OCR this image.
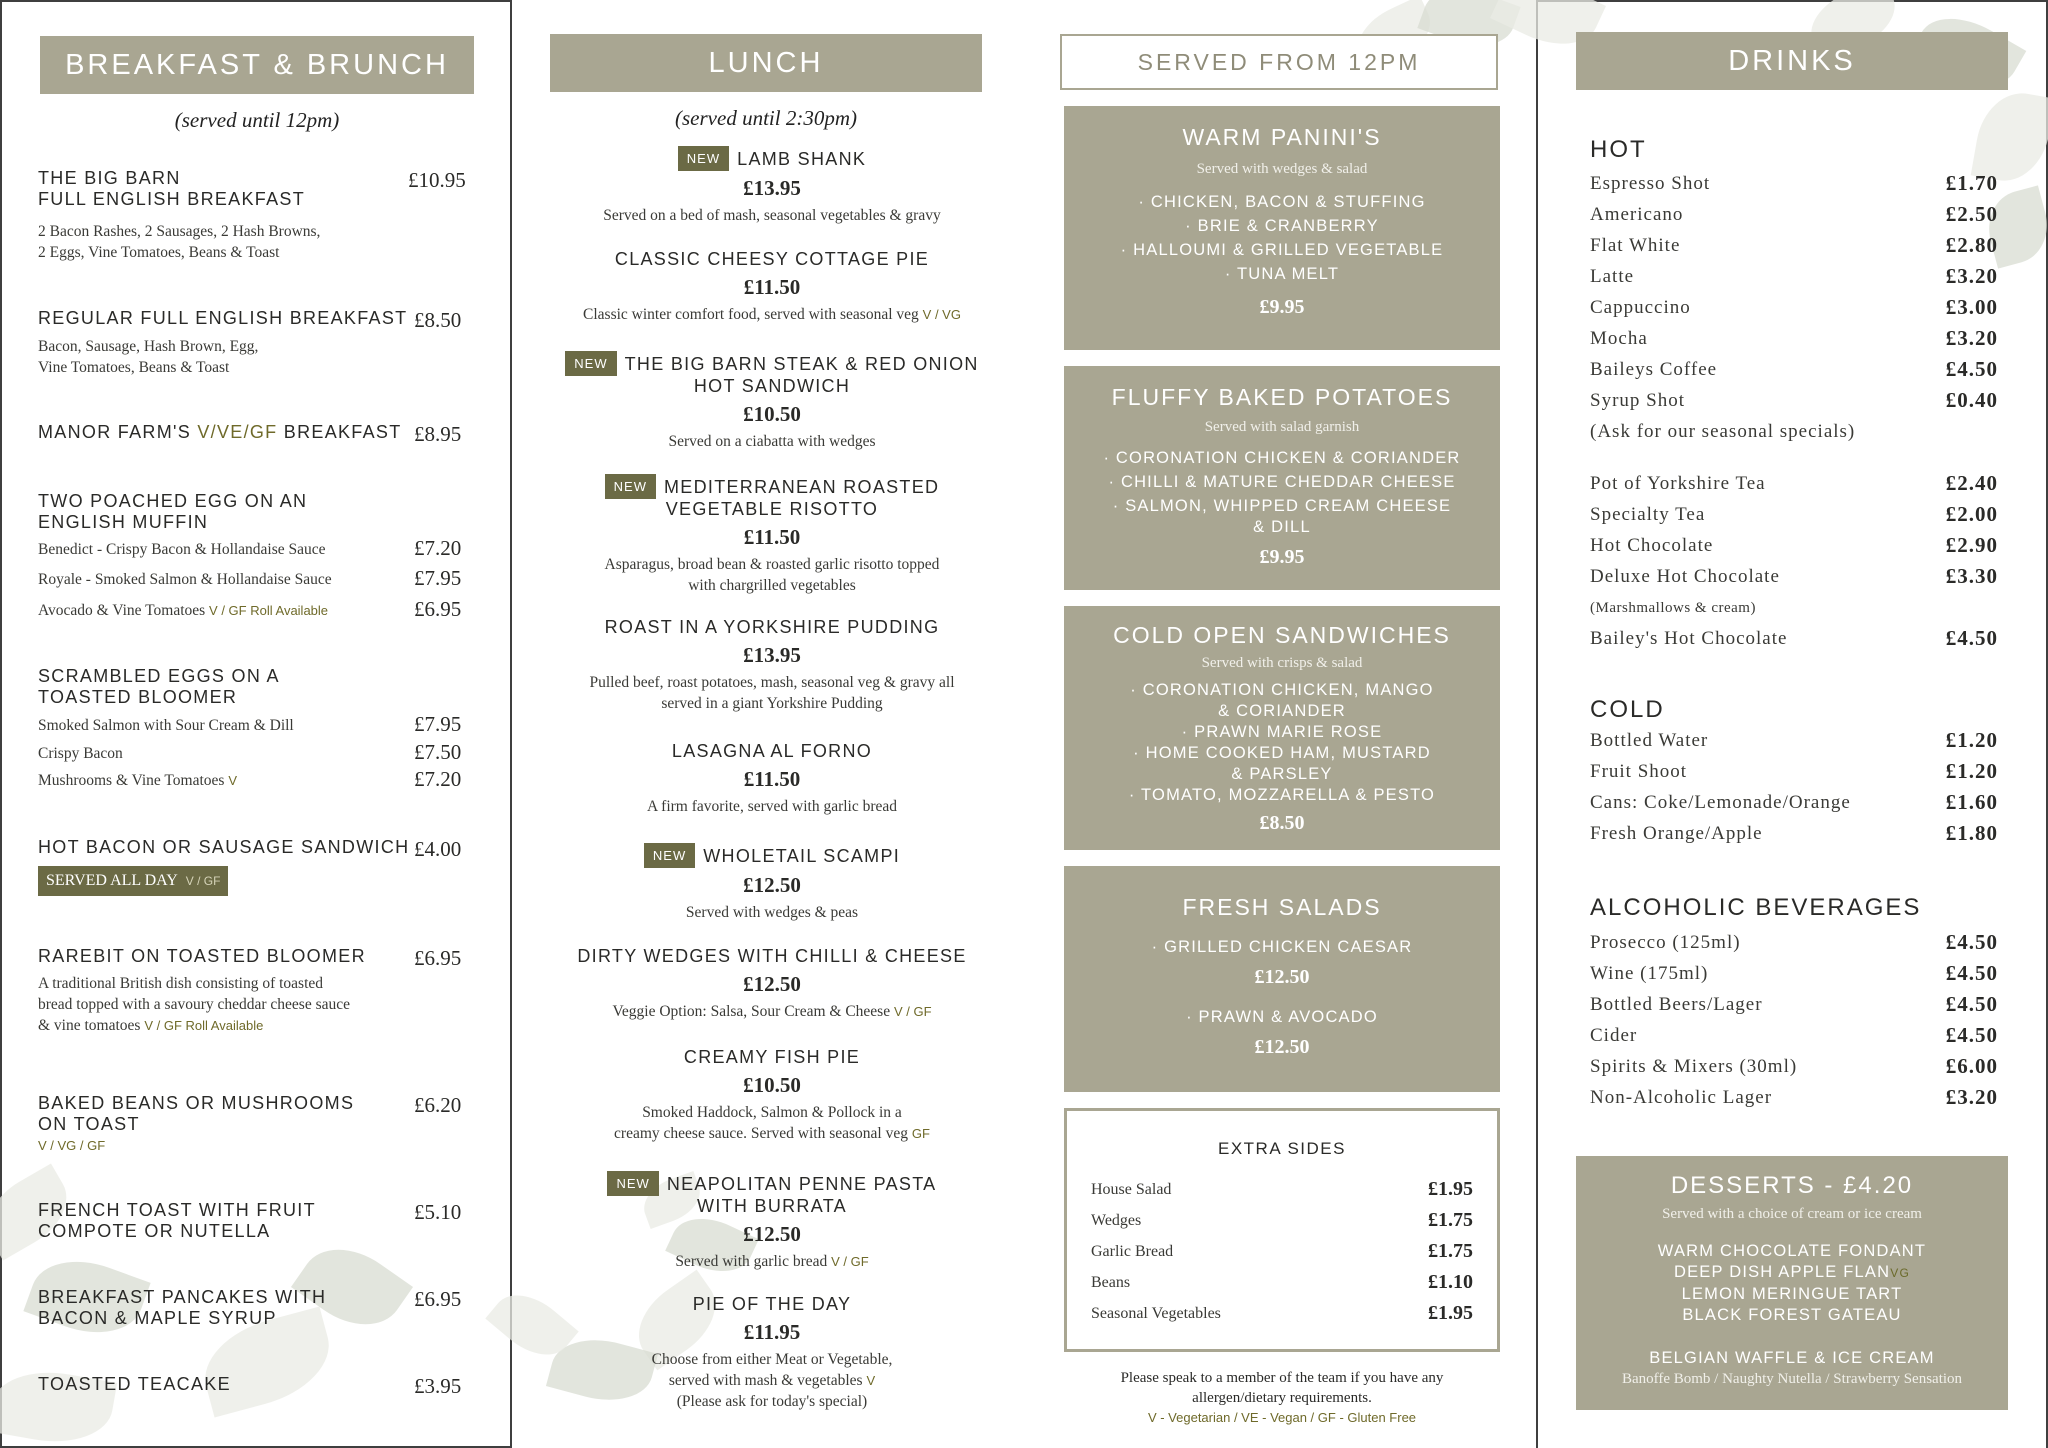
BREAKFAST & BRUNCH
(served until 12pm)
THE BIG BARN
FULL ENGLISH BREAKFAST
£10.95
2 Bacon Rashes, 2 Sausages, 2 Hash Browns,
2 Eggs, Vine Tomatoes, Beans & Toast
REGULAR FULL ENGLISH BREAKFAST £8.50
Bacon, Sausage, Hash Brown, Egg,
Vine Tomatoes, Beans & Toast
MANOR FARM'S V/VE/GF BREAKFAST £8.95
TWO POACHED EGG ON AN
ENGLISH MUFFIN
Benedict - Crispy Bacon & Hollandaise Sauce	£7.20
Royale - Smoked Salmon & Hollandaise Sauce	£7.95
Avocado & Vine Tomatoes V / GF Roll Available	£6.95
SCRAMBLED EGGS ON A
TOASTED BLOOMER
Smoked Salmon with Sour Cream & Dill	£7.95
Crispy Bacon	£7.50
Mushrooms & Vine Tomatoes V	£7.20
HOT BACON OR SAUSAGE SANDWICH £4.00
SERVED ALL DAY V / GF
RAREBIT ON TOASTED BLOOMER £6.95
A traditional British dish consisting of toasted
bread topped with a savoury cheddar cheese sauce
& vine tomatoes V / GF Roll Available
BAKED BEANS OR MUSHROOMS
ON TOAST
£6.20
V / VG / GF
FRENCH TOAST WITH FRUIT
COMPOTE OR NUTELLA
£5.10
BREAKFAST PANCAKES WITH
BACON & MAPLE SYRUP
£6.95
TOASTED TEACAKE	£3.95
LUNCH
(served until 2:30pm)
NEW LAMB SHANK
£13.95
Served on a bed of mash, seasonal vegetables & gravy
CLASSIC CHEESY COTTAGE PIE
£11.50
Classic winter comfort food, served with seasonal veg V / VG
NEW THE BIG BARN STEAK & RED ONION
HOT SANDWICH
£10.50
Served on a ciabatta with wedges
NEW MEDITERRANEAN ROASTED
VEGETABLE RISOTTO
£11.50
Asparagus, broad bean & roasted garlic risotto topped
with chargrilled vegetables
ROAST IN A YORKSHIRE PUDDING
£13.95
Pulled beef, roast potatoes, mash, seasonal veg & gravy all
served in a giant Yorkshire Pudding
LASAGNA AL FORNO
£11.50
A firm favorite, served with garlic bread
NEW WHOLETAIL SCAMPI
£12.50
Served with wedges & peas
DIRTY WEDGES WITH CHILLI & CHEESE
£12.50
Veggie Option: Salsa, Sour Cream & Cheese V / GF
CREAMY FISH PIE
£10.50
Smoked Haddock, Salmon & Pollock in a
creamy cheese sauce. Served with seasonal veg GF
NEW NEAPOLITAN PENNE PASTA
WITH BURRATA
£12.50
Served with garlic bread V / GF
PIE OF THE DAY
£11.95
Choose from either Meat or Vegetable,
served with mash & vegetables V
(Please ask for today's special)
SERVED FROM 12PM
WARM PANINI'S
Served with wedges & salad
· CHICKEN, BACON & STUFFING
· BRIE & CRANBERRY
· HALLOUMI & GRILLED VEGETABLE
· TUNA MELT
£9.95
FLUFFY BAKED POTATOES
Served with salad garnish
· CORONATION CHICKEN & CORIANDER
· CHILLI & MATURE CHEDDAR CHEESE
· SALMON, WHIPPED CREAM CHEESE
& DILL
£9.95
COLD OPEN SANDWICHES
Served with crisps & salad
· CORONATION CHICKEN, MANGO
& CORIANDER
· PRAWN MARIE ROSE
· HOME COOKED HAM, MUSTARD
& PARSLEY
· TOMATO, MOZZARELLA & PESTO
£8.50
FRESH SALADS
· GRILLED CHICKEN CAESAR
£12.50
· PRAWN & AVOCADO
£12.50
EXTRA SIDES
House Salad	£1.95
Wedges	£1.75
Garlic Bread	£1.75
Beans	£1.10
Seasonal Vegetables	£1.95
Please speak to a member of the team if you have any
allergen/dietary requirements.
V - Vegetarian / VE - Vegan / GF - Gluten Free
DRINKS
HOT
Espresso Shot	£1.70
Americano	£2.50
Flat White	£2.80
Latte	£3.20
Cappuccino	£3.00
Mocha	£3.20
Baileys Coffee	£4.50
Syrup Shot	£0.40
(Ask for our seasonal specials)
Pot of Yorkshire Tea	£2.40
Specialty Tea	£2.00
Hot Chocolate	£2.90
Deluxe Hot Chocolate	£3.30
(Marshmallows & cream)
Bailey's Hot Chocolate	£4.50
COLD
Bottled Water	£1.20
Fruit Shoot	£1.20
Cans: Coke/Lemonade/Orange	£1.60
Fresh Orange/Apple	£1.80
ALCOHOLIC BEVERAGES
Prosecco (125ml)	£4.50
Wine (175ml)	£4.50
Bottled Beers/Lager	£4.50
Cider	£4.50
Spirits & Mixers (30ml)	£6.00
Non-Alcoholic Lager	£3.20
DESSERTS - £4.20
Served with a choice of cream or ice cream
WARM CHOCOLATE FONDANT
DEEP DISH APPLE FLANVG
LEMON MERINGUE TART
BLACK FOREST GATEAU
BELGIAN WAFFLE & ICE CREAM
Banoffe Bomb / Naughty Nutella / Strawberry Sensation
